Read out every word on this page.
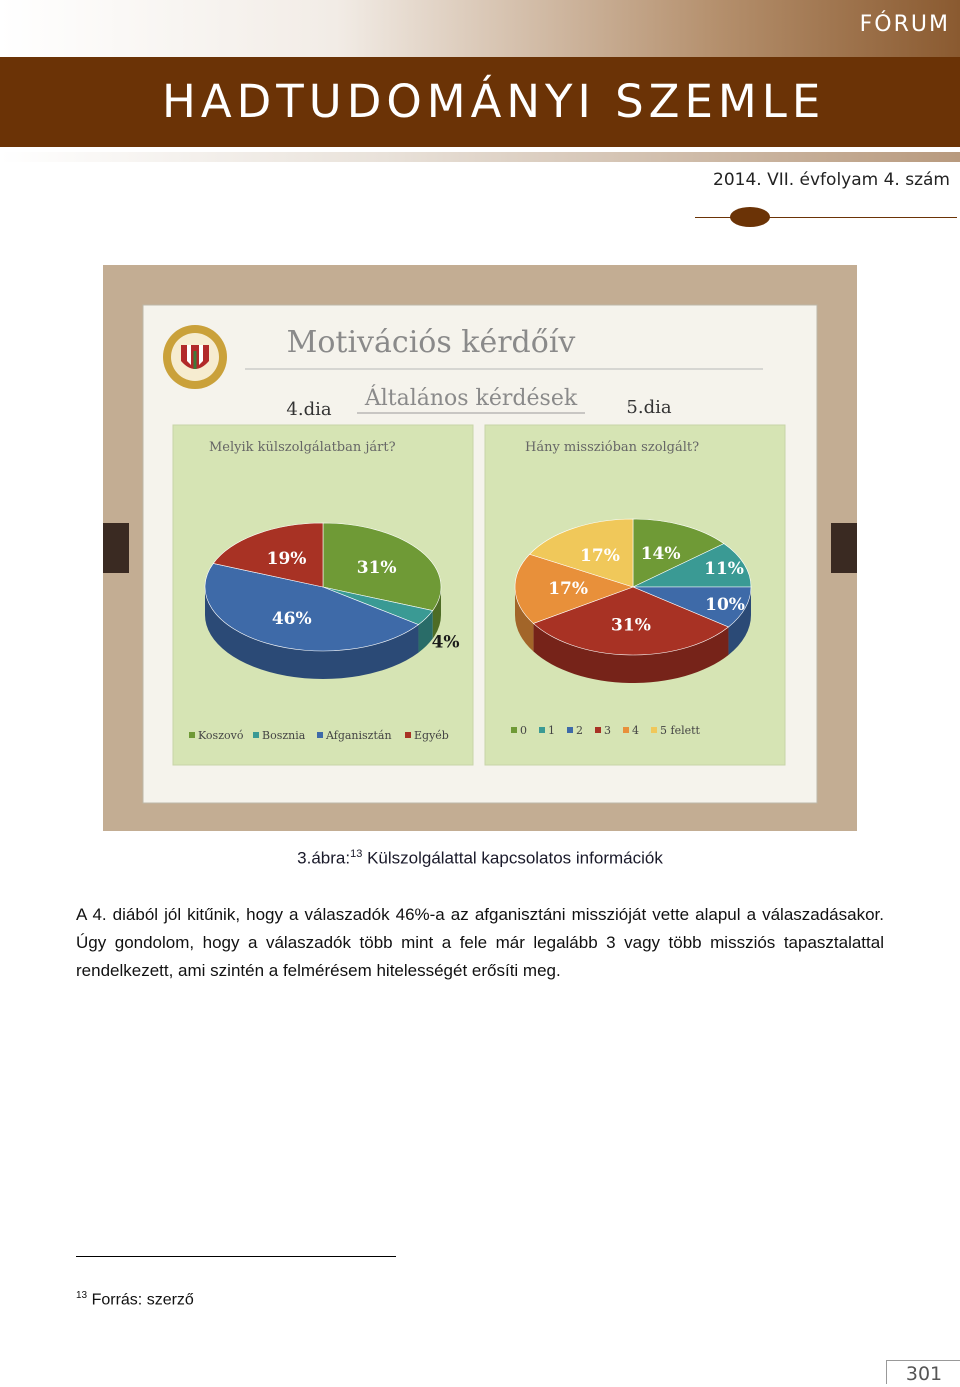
FÓRUM
HADTUDOMÁNYI SZEMLE
2014. VII. évfolyam 4. szám
Motivációs kérdőív
Általános kérdések
4.dia	5.dia
Melyik külszolgálatban járt?
31%
4%
46%
19%
Koszovó Bosznia Afganisztán Egyéb
Hány misszióban szolgált?
14%
11%
10%
31%
17%
17%
0 1 2 3 4 5 felett
3.ábra:$^{13}$ Külszolgálattal kapcsolatos információk
A 4. diából jól kitűnik, hogy a válaszadók 46%-a az afganisztáni misszióját vette alapul a válaszadásakor. Úgy gondolom, hogy a válaszadók több mint a fele már legalább 3 vagy több missziós tapasztalattal rendelkezett, ami szintén a felmérésem hitelességét erősíti meg.
$^{13}$ Forrás: szerző
301
